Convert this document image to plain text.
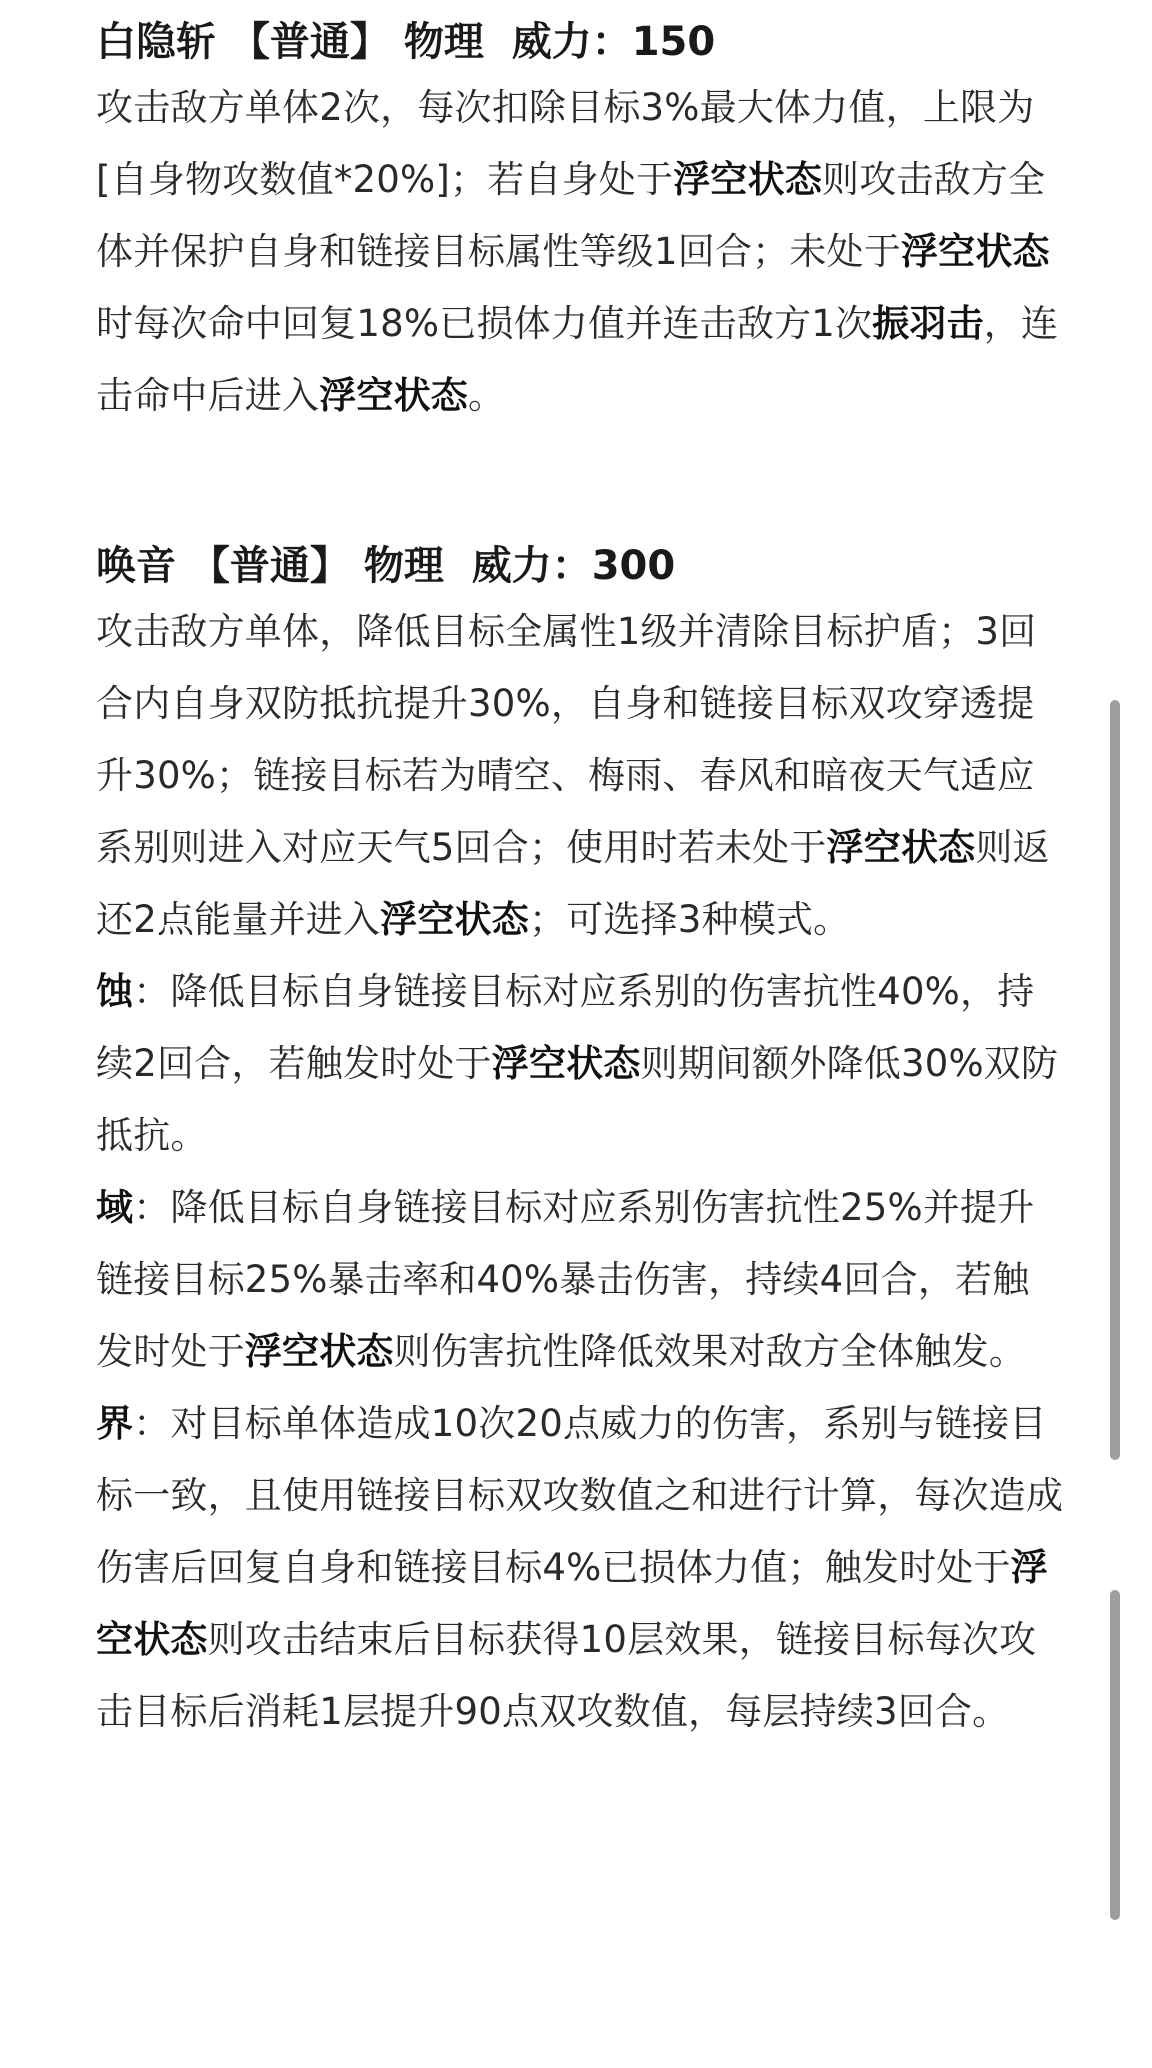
白隐斩 【普通】 物理  威力：150

攻击敌方单体2次，每次扣除目标3%最大体力值，上限为[自身物攻数值*20%]；若自身处于浮空状态则攻击敌方全体并保护自身和链接目标属性等级1回合；未处于浮空状态时每次命中回复18%已损体力值并连击敌方1次振羽击，连击命中后进入浮空状态。

唤音 【普通】 物理  威力：300

攻击敌方单体，降低目标全属性1级并清除目标护盾；3回合内自身双防抵抗提升30%，自身和链接目标双攻穿透提升30%；链接目标若为晴空、梅雨、春风和暗夜天气适应系别则进入对应天气5回合；使用时若未处于浮空状态则返还2点能量并进入浮空状态；可选择3种模式。

蚀：降低目标自身链接目标对应系别的伤害抗性40%，持续2回合，若触发时处于浮空状态则期间额外降低30%双防抵抗。

域：降低目标自身链接目标对应系别伤害抗性25%并提升链接目标25%暴击率和40%暴击伤害，持续4回合，若触发时处于浮空状态则伤害抗性降低效果对敌方全体触发。

界：对目标单体造成10次20点威力的伤害，系别与链接目标一致，且使用链接目标双攻数值之和进行计算，每次造成伤害后回复自身和链接目标4%已损体力值；触发时处于浮空状态则攻击结束后目标获得10层效果，链接目标每次攻击目标后消耗1层提升90点双攻数值，每层持续3回合。
